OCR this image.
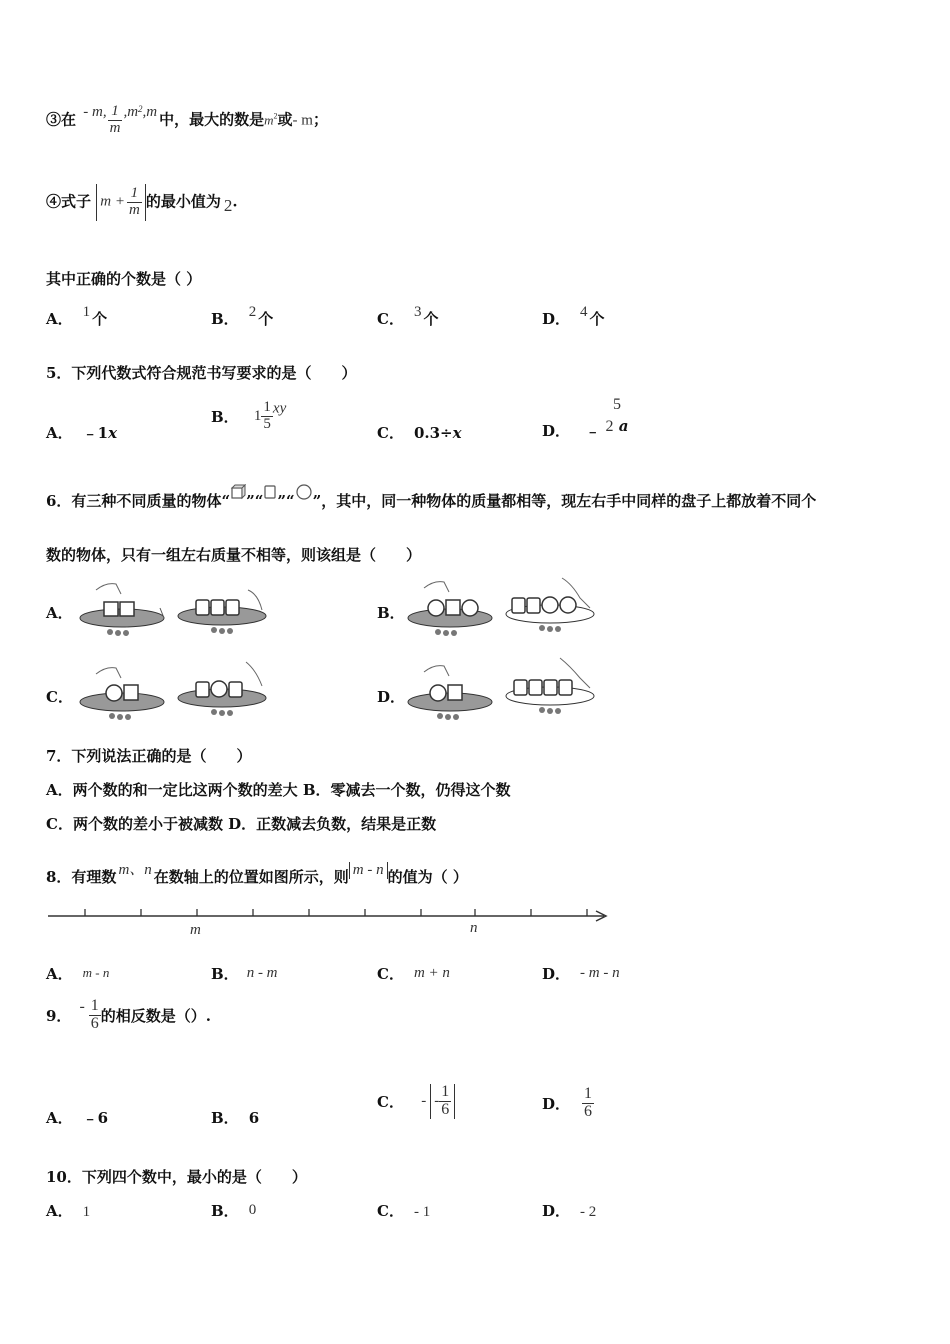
③在 - m, $\frac{1}{m} ,m^2,m$ 中，最大的数是$m^2$或- m；
④式子 $m + \frac{1}{m}$ 的最小值为 2.
其中正确的个数是（ ）
A． 1 个	B． 2 个	C． 3 个	D． 4 个
5．下列代数式符合规范书写要求的是（　　）
A． ﹣1x
B． $1 \frac{1}{5}$ xy
C． 0.3÷x	D． ﹣
5
2 a
6．有三种不同质量的物体“ ”“ ”“ ”，其中，同一种物体的质量都相等，现左右手中同样的盘子上都放着不同个
数的物体，只有一组左右质量不相等，则该组是（　　）
A．	B．
C．	D．
7．下列说法正确的是（　　）
A．两个数的和一定比这两个数的差大 B．零减去一个数，仍得这个数
C．两个数的差小于被减数 D．正数减去负数，结果是正数
8．有理数 m、n 在数轴上的位置如图所示，则 m - n 的值为（ ）
m	n
A． m - n	B． n - m	C． m + n	D． - m - n
9． - $\frac{1}{6}$ 的相反数是（）.
A． ﹣6	B． 6
C． - - $\frac{1}{6}$	D． $\frac{1}{6}$
10．下列四个数中，最小的是（　　）
A． 1	B． 0	C． - 1	D． - 2
